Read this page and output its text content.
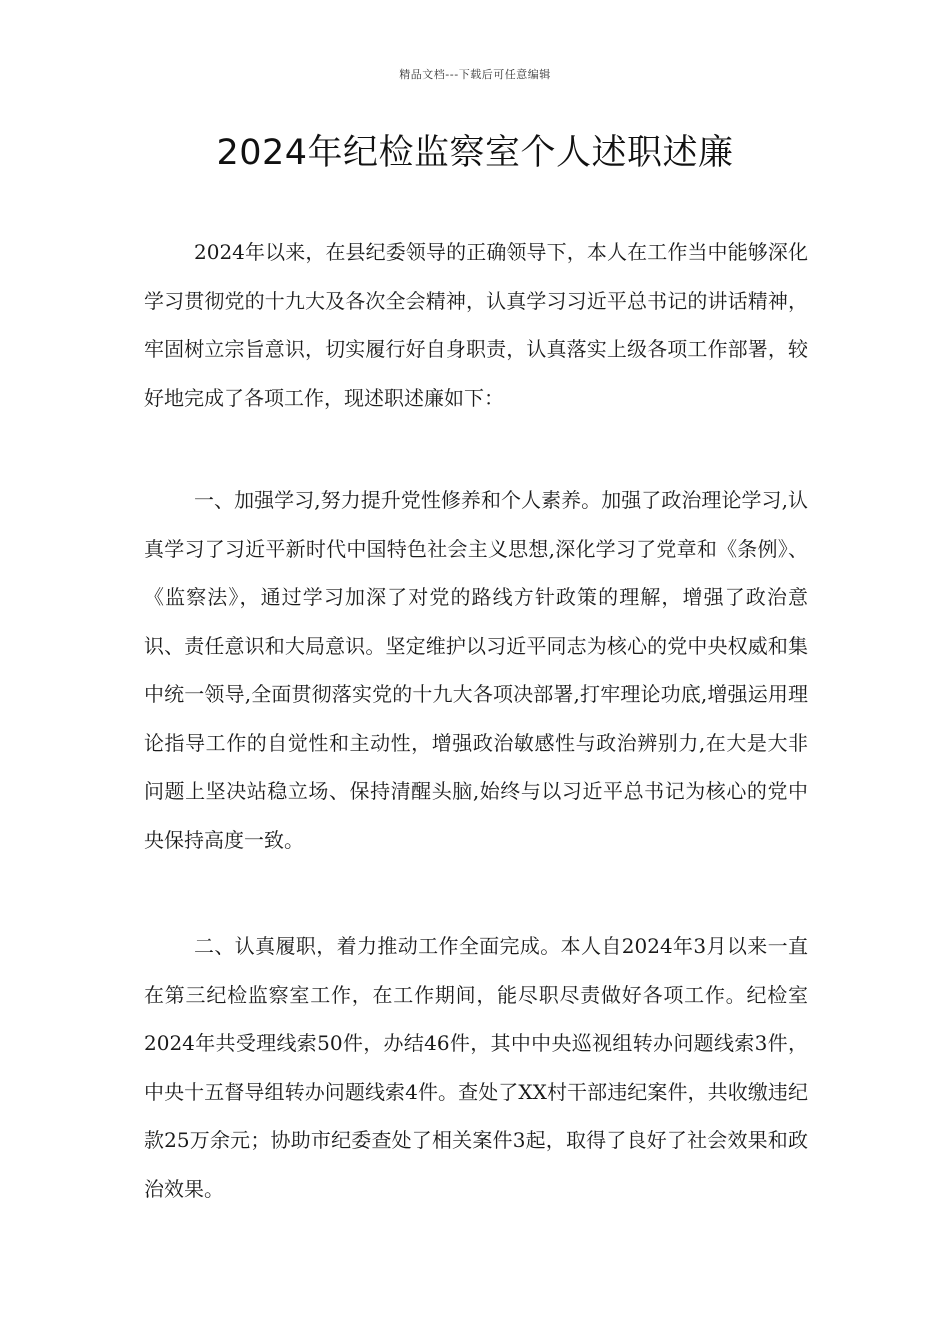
精品文档---下载后可任意编辑
2024年纪检监察室个人述职述廉

2024年以来，在县纪委领导的正确领导下，本人在工作当中能够深化学习贯彻党的十九大及各次全会精神，认真学习习近平总书记的讲话精神，牢固树立宗旨意识，切实履行好自身职责，认真落实上级各项工作部署，较好地完成了各项工作，现述职述廉如下：

一、加强学习,努力提升党性修养和个人素养。加强了政治理论学习,认真学习了习近平新时代中国特色社会主义思想,深化学习了党章和《条例》、《监察法》，通过学习加深了对党的路线方针政策的理解，增强了政治意识、责任意识和大局意识。坚定维护以习近平同志为核心的党中央权威和集中统一领导,全面贯彻落实党的十九大各项决部署,打牢理论功底,增强运用理论指导工作的自觉性和主动性，增强政治敏感性与政治辨别力,在大是大非问题上坚决站稳立场、保持清醒头脑,始终与以习近平总书记为核心的党中央保持高度一致。

二、认真履职，着力推动工作全面完成。本人自2024年3月以来一直在第三纪检监察室工作，在工作期间，能尽职尽责做好各项工作。纪检室2024年共受理线索50件，办结46件，其中中央巡视组转办问题线索3件，中央十五督导组转办问题线索4件。查处了XX村干部违纪案件，共收缴违纪款25万余元；协助市纪委查处了相关案件3起，取得了良好了社会效果和政治效果。
